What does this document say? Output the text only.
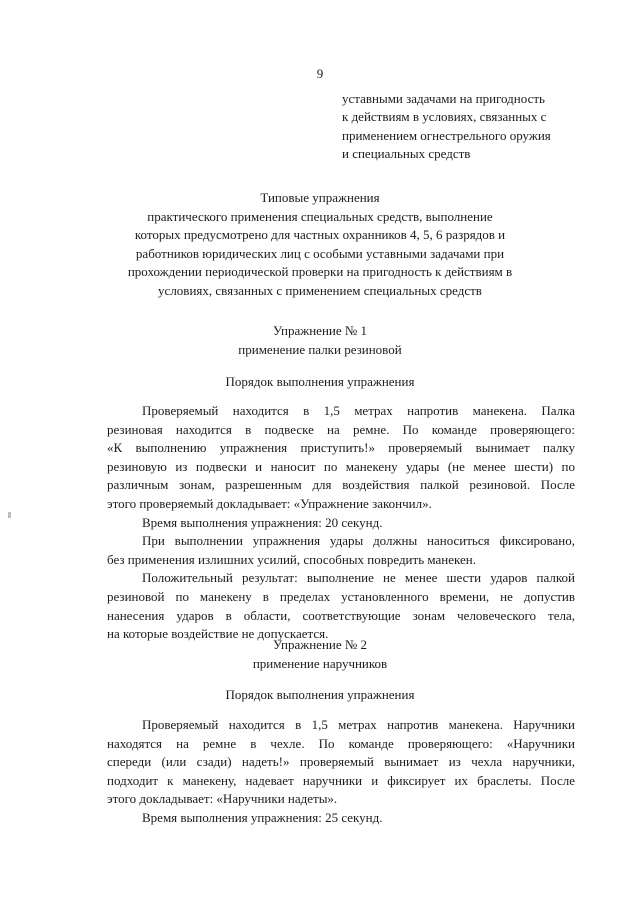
9
уставными задачами на пригодность
к действиям в условиях, связанных с
применением огнестрельного оружия
и специальных средств
Типовые упражнения
практического применения специальных средств, выполнение
которых предусмотрено для частных охранников 4, 5, 6 разрядов и
работников юридических лиц с особыми уставными задачами при
прохождении периодической проверки на пригодность к действиям в
условиях, связанных с применением специальных средств
Упражнение № 1
применение палки резиновой
Порядок выполнения упражнения
Проверяемый находится в 1,5 метрах напротив манекена. Палка
резиновая находится в подвеске на ремне. По команде проверяющего:
«К выполнению упражнения приступить!» проверяемый вынимает палку
резиновую из подвески и наносит по манекену удары (не менее шести) по
различным зонам, разрешенным для воздействия палкой резиновой. После
этого проверяемый докладывает: «Упражнение закончил».
Время выполнения упражнения: 20 секунд.
При выполнении упражнения удары должны наноситься фиксировано,
без применения излишних усилий, способных повредить манекен.
Положительный результат: выполнение не менее шести ударов палкой
резиновой по манекену в пределах установленного времени, не допустив
нанесения ударов в области, соответствующие зонам человеческого тела,
на которые воздействие не допускается.
Упражнение № 2
применение наручников
Порядок выполнения упражнения
Проверяемый находится в 1,5 метрах напротив манекена. Наручники
находятся на ремне в чехле. По команде проверяющего: «Наручники
спереди (или сзади) надеть!» проверяемый вынимает из чехла наручники,
подходит к манекену, надевает наручники и фиксирует их браслеты. После
этого докладывает: «Наручники надеты».
Время выполнения упражнения: 25 секунд.
